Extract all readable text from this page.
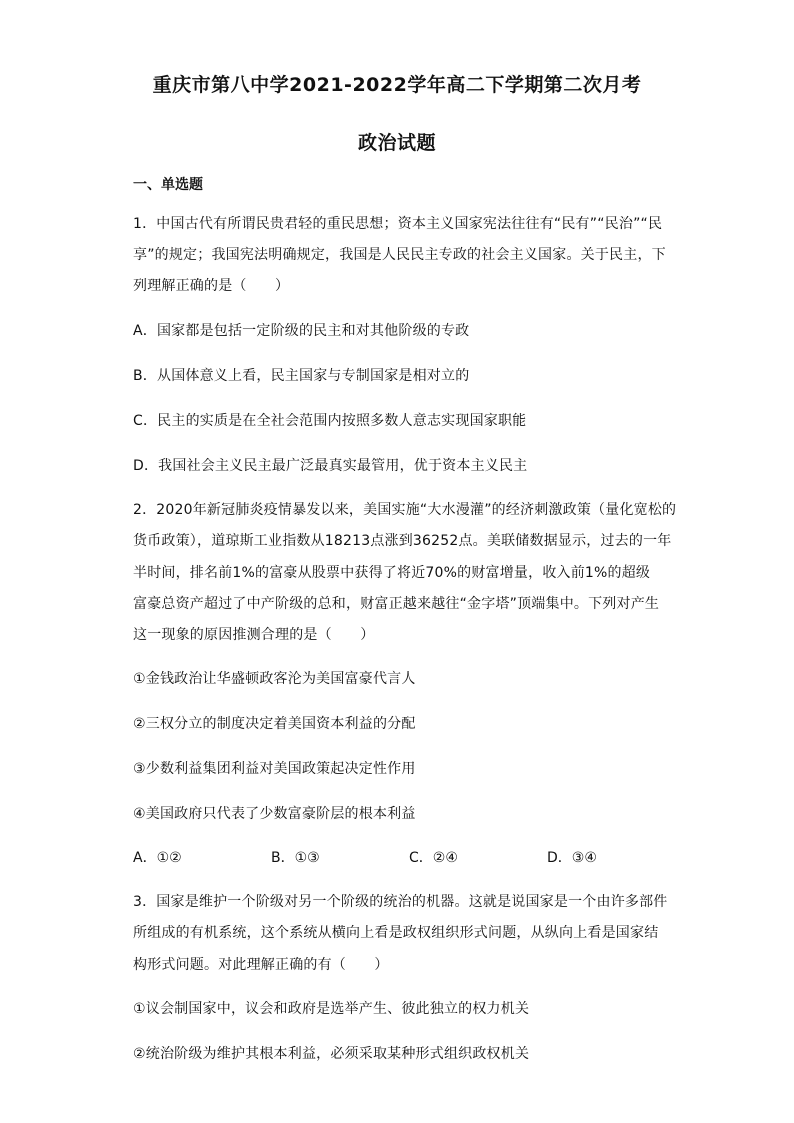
重庆市第八中学2021-2022学年高二下学期第二次月考
政治试题
一、单选题
1．中国古代有所谓民贵君轻的重民思想；资本主义国家宪法往往有“民有”“民治”“民
享”的规定；我国宪法明确规定，我国是人民民主专政的社会主义国家。关于民主，下
列理解正确的是（　　）
A．国家都是包括一定阶级的民主和对其他阶级的专政
B．从国体意义上看，民主国家与专制国家是相对立的
C．民主的实质是在全社会范围内按照多数人意志实现国家职能
D．我国社会主义民主最广泛最真实最管用，优于资本主义民主
2．2020年新冠肺炎疫情暴发以来，美国实施“大水漫灌”的经济刺激政策（量化宽松的
货币政策），道琼斯工业指数从18213点涨到36252点。美联储数据显示，过去的一年
半时间，排名前1%的富豪从股票中获得了将近70%的财富增量，收入前1%的超级
富豪总资产超过了中产阶级的总和，财富正越来越往“金字塔”顶端集中。下列对产生
这一现象的原因推测合理的是（　　）
①金钱政治让华盛顿政客沦为美国富豪代言人
②三权分立的制度决定着美国资本利益的分配
③少数利益集团利益对美国政策起决定性作用
④美国政府只代表了少数富豪阶层的根本利益
A．①②	B．①③	C．②④	D．③④
3．国家是维护一个阶级对另一个阶级的统治的机器。这就是说国家是一个由许多部件
所组成的有机系统，这个系统从横向上看是政权组织形式问题，从纵向上看是国家结
构形式问题。对此理解正确的有（　　）
①议会制国家中，议会和政府是选举产生、彼此独立的权力机关
②统治阶级为维护其根本利益，必须采取某种形式组织政权机关
